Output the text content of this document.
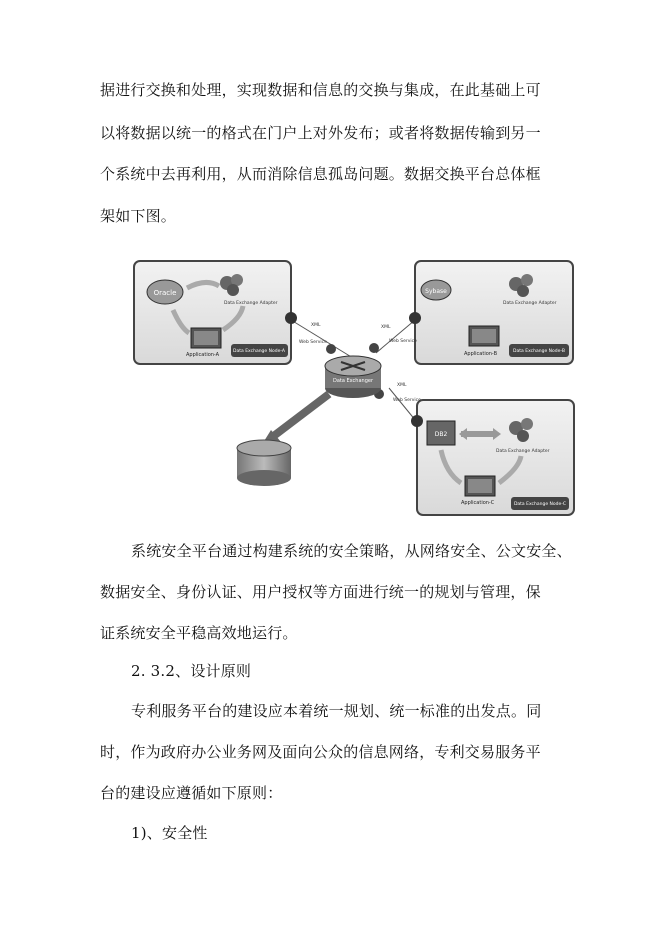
据进行交换和处理，实现数据和信息的交换与集成，在此基础上可
以将数据以统一的格式在门户上对外发布；或者将数据传输到另一
个系统中去再利用，从而消除信息孤岛问题。数据交换平台总体框
架如下图。
Oracle
Data Exchange Adapter
Application-A
Data Exchange Node-A
Sybase
Data Exchange Adapter
Application-B	Data Exchange Node-B
DB2
Data Exchange Adapter
Application-C	Data Exchange Node-C
XML
Web Service
XML
Web Service
XML
Web Service
Data Exchanger
系统安全平台通过构建系统的安全策略，从网络安全、公文安全、
数据安全、身份认证、用户授权等方面进行统一的规划与管理，保
证系统安全平稳高效地运行。
2. 3.2、设计原则
专利服务平台的建设应本着统一规划、统一标准的出发点。同
时，作为政府办公业务网及面向公众的信息网络，专利交易服务平
台的建设应遵循如下原则：
1)、安全性
